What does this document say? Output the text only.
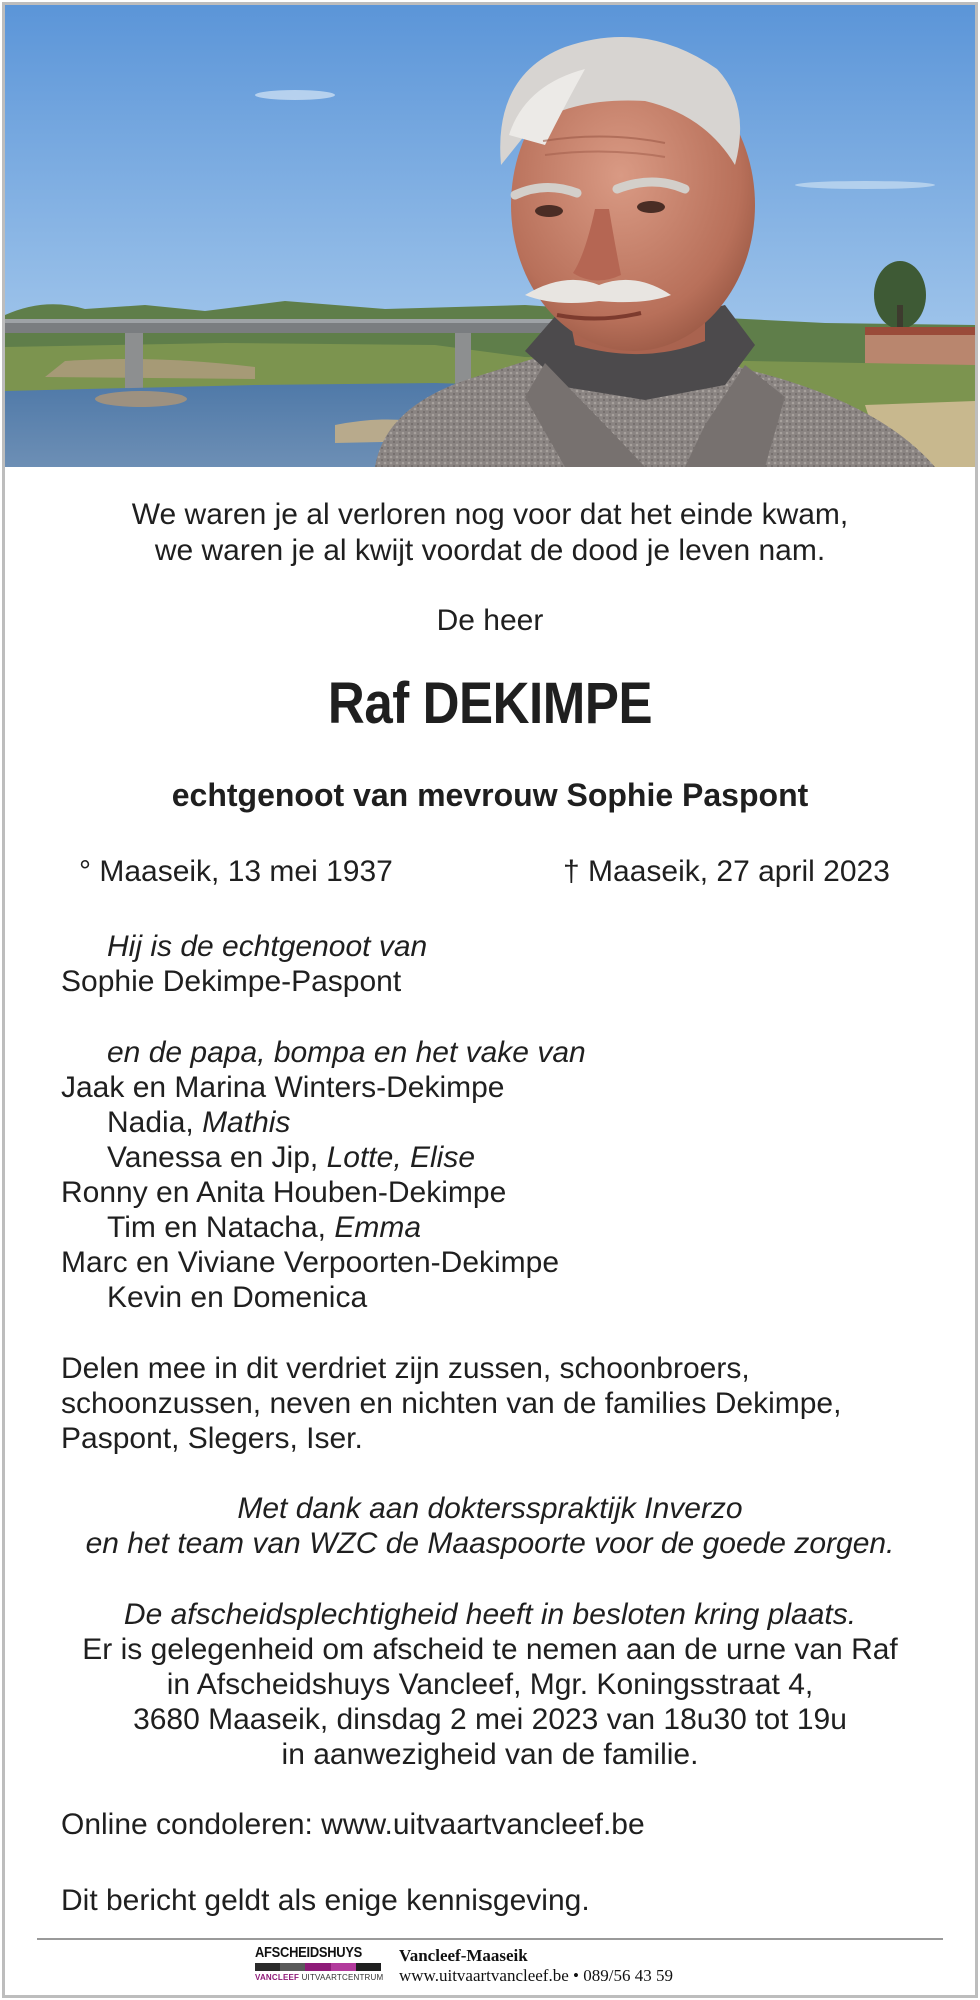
We waren je al verloren nog voor dat het einde kwam,
we waren je al kwijt voordat de dood je leven nam.
De heer
Raf DEKIMPE
echtgenoot van mevrouw Sophie Paspont
° Maaseik, 13 mei 1937	† Maaseik, 27 april 2023
Hij is de echtgenoot van
Sophie Dekimpe-Paspont
en de papa, bompa en het vake van
Jaak en Marina Winters-Dekimpe
Nadia, Mathis
Vanessa en Jip, Lotte, Elise
Ronny en Anita Houben-Dekimpe
Tim en Natacha, Emma
Marc en Viviane Verpoorten-Dekimpe
Kevin en Domenica
Delen mee in dit verdriet zijn zussen, schoonbroers,
schoonzussen, neven en nichten van de families Dekimpe,
Paspont, Slegers, Iser.
Met dank aan doktersspraktijk Inverzo
en het team van WZC de Maaspoorte voor de goede zorgen.
De afscheidsplechtigheid heeft in besloten kring plaats.
Er is gelegenheid om afscheid te nemen aan de urne van Raf
in Afscheidshuys Vancleef, Mgr. Koningsstraat 4,
3680 Maaseik, dinsdag 2 mei 2023 van 18u30 tot 19u
in aanwezigheid van de familie.
Online condoleren: www.uitvaartvancleef.be
Dit bericht geldt als enige kennisgeving.
AFSCHEIDSHUYS
VANCLEEF UITVAARTCENTRUM
Vancleef-Maaseik
www.uitvaartvancleef.be • 089/56 43 59
